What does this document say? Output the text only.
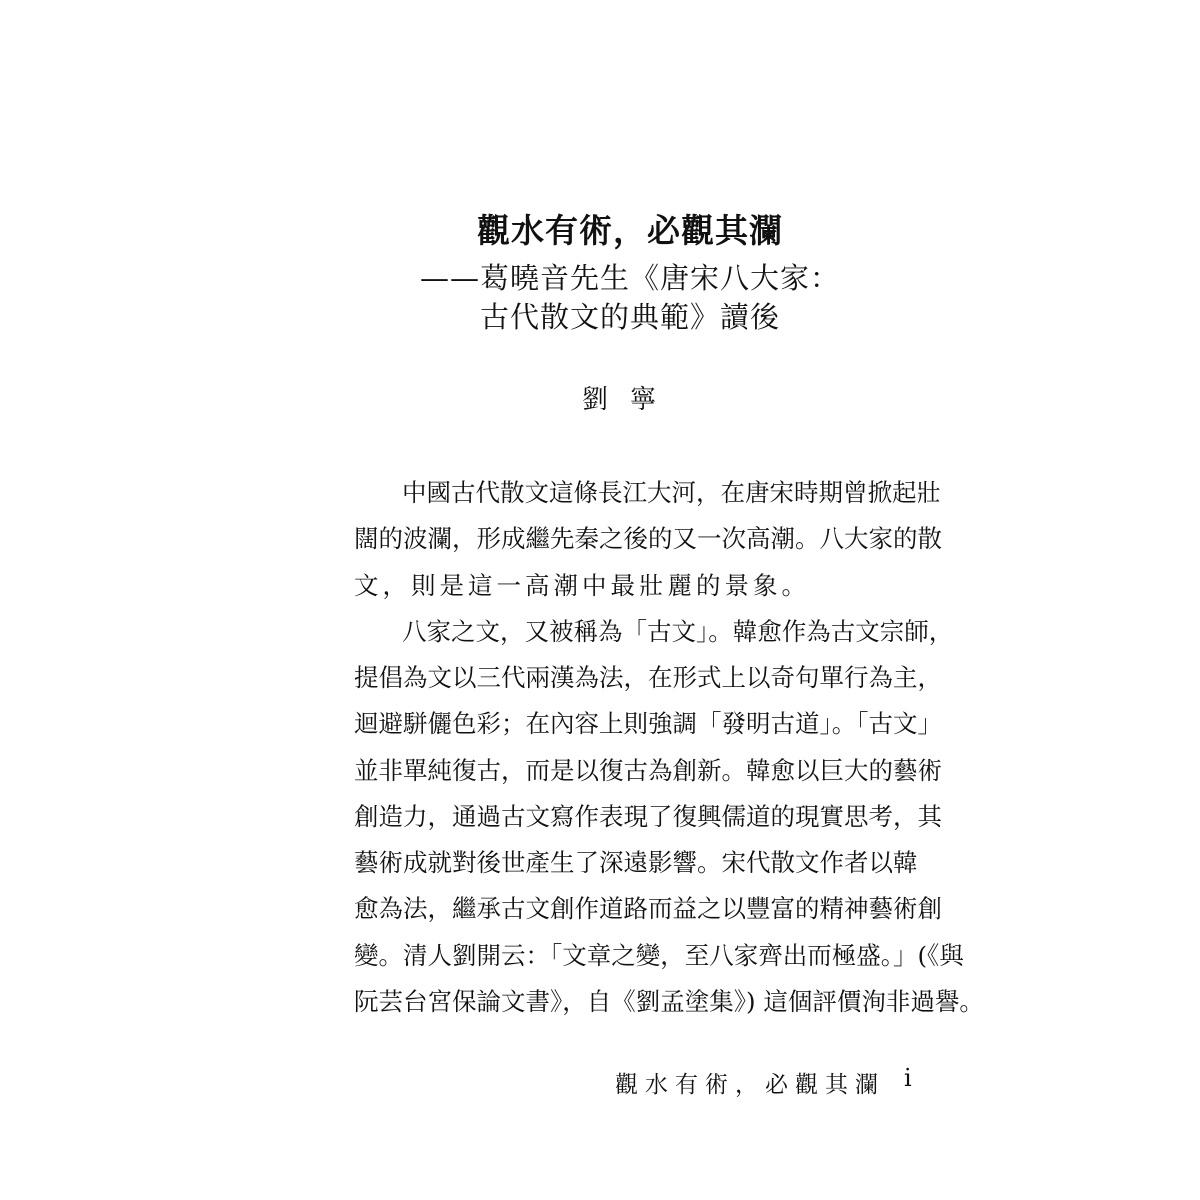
觀水有術，必觀其瀾
——葛曉音先生《唐宋八大家：
古代散文的典範》讀後
劉寧
中國古代散文這條長江大河，在唐宋時期曾掀起壯
闊的波瀾，形成繼先秦之後的又一次高潮。八大家的散
文，則是這一高潮中最壯麗的景象。
八家之文，又被稱為「古文」。韓愈作為古文宗師，
提倡為文以三代兩漢為法，在形式上以奇句單行為主，
迴避駢儷色彩；在內容上則強調「發明古道」。「古文」
並非單純復古，而是以復古為創新。韓愈以巨大的藝術
創造力，通過古文寫作表現了復興儒道的現實思考，其
藝術成就對後世產生了深遠影響。宋代散文作者以韓
愈為法，繼承古文創作道路而益之以豐富的精神藝術創
變。清人劉開云：「文章之變，至八家齊出而極盛。」(《與
阮芸台宮保論文書》，自《劉孟塗集》) 這個評價洵非過譽。
觀水有術，必觀其瀾 i
